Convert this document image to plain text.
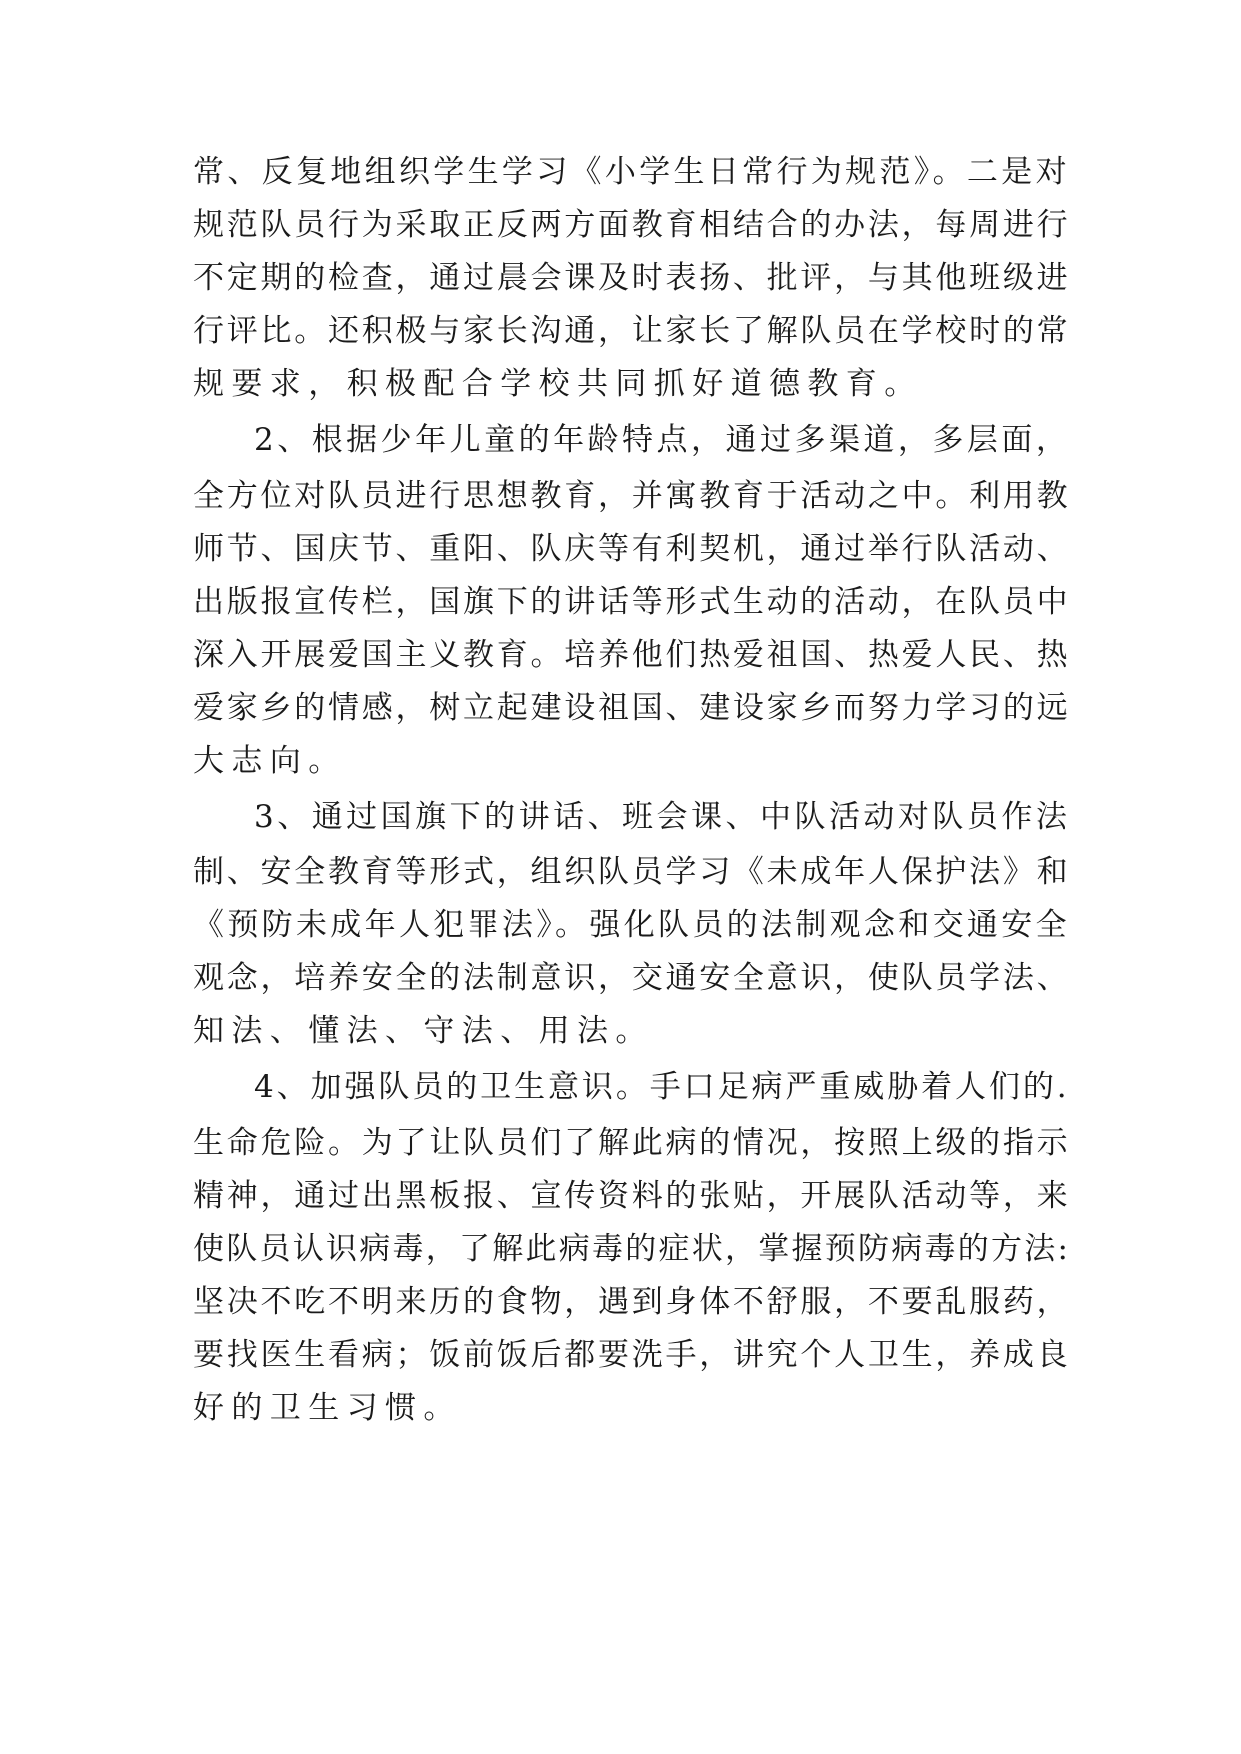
常、反复地组织学生学习《小学生日常行为规范》。二是对

规范队员行为采取正反两方面教育相结合的办法，每周进行

不定期的检查，通过晨会课及时表扬、批评，与其他班级进

行评比。还积极与家长沟通，让家长了解队员在学校时的常

规要求，积极配合学校共同抓好道德教育。

2、根据少年儿童的年龄特点，通过多渠道，多层面，

全方位对队员进行思想教育，并寓教育于活动之中。利用教

师节、国庆节、重阳、队庆等有利契机，通过举行队活动、

出版报宣传栏，国旗下的讲话等形式生动的活动，在队员中

深入开展爱国主义教育。培养他们热爱祖国、热爱人民、热

爱家乡的情感，树立起建设祖国、建设家乡而努力学习的远

大志向。

3、通过国旗下的讲话、班会课、中队活动对队员作法

制、安全教育等形式，组织队员学习《未成年人保护法》和

《预防未成年人犯罪法》。强化队员的法制观念和交通安全

观念，培养安全的法制意识，交通安全意识，使队员学法、

知法、懂法、守法、用法。

4、加强队员的卫生意识。手口足病严重威胁着人们的.

生命危险。为了让队员们了解此病的情况，按照上级的指示

精神，通过出黑板报、宣传资料的张贴，开展队活动等，来

使队员认识病毒，了解此病毒的症状，掌握预防病毒的方法:

坚决不吃不明来历的食物，遇到身体不舒服，不要乱服药，

要找医生看病；饭前饭后都要洗手，讲究个人卫生，养成良

好的卫生习惯。
